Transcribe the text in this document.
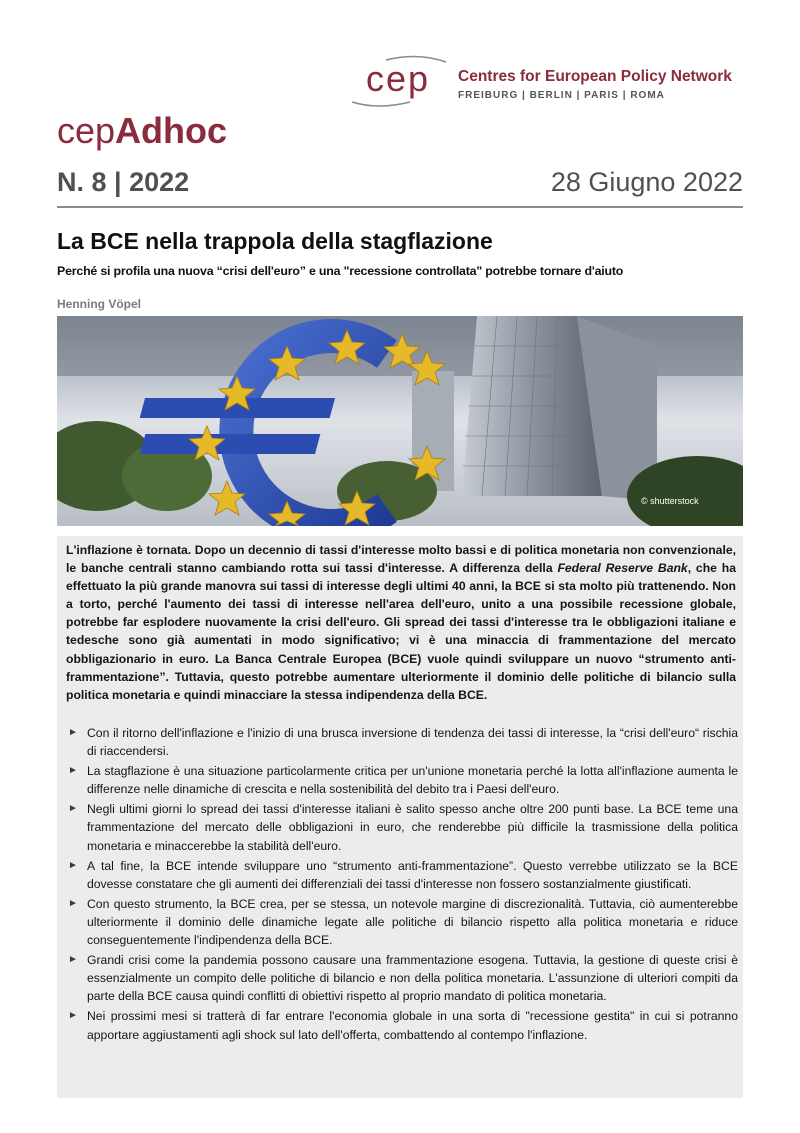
cep Centres for European Policy Network
FREIBURG | BERLIN | PARIS | ROMA
cepAdhoc
N. 8 | 2022	28 Giugno 2022
La BCE nella trappola della stagflazione
Perché si profila una nuova “crisi dell'euro” e una "recessione controllata" potrebbe tornare d'aiuto
Henning Vöpel
© shutterstock
L'inflazione è tornata. Dopo un decennio di tassi d'interesse molto bassi e di politica monetaria non convenzionale, le banche centrali stanno cambiando rotta sui tassi d'interesse. A differenza della Federal Reserve Bank, che ha effettuato la più grande manovra sui tassi di interesse degli ultimi 40 anni, la BCE si sta molto più trattenendo. Non a torto, perché l'aumento dei tassi di interesse nell'area dell'euro, unito a una possibile recessione globale, potrebbe far esplodere nuovamente la crisi dell'euro. Gli spread dei tassi d'interesse tra le obbligazioni italiane e tedesche sono già aumentati in modo significativo; vi è una minaccia di frammentazione del mercato obbligazionario in euro. La Banca Centrale Europea (BCE) vuole quindi sviluppare un nuovo “strumento anti-frammentazione”. Tuttavia, questo potrebbe aumentare ulteriormente il dominio delle politiche di bilancio sulla politica monetaria e quindi minacciare la stessa indipendenza della BCE.
► Con il ritorno dell'inflazione e l'inizio di una brusca inversione di tendenza dei tassi di interesse, la “crisi dell'euro“ rischia di riaccendersi.
► La stagflazione è una situazione particolarmente critica per un'unione monetaria perché la lotta all'inflazione aumenta le differenze nelle dinamiche di crescita e nella sostenibilità del debito tra i Paesi dell'euro.
► Negli ultimi giorni lo spread dei tassi d'interesse italiani è salito spesso anche oltre 200 punti base. La BCE teme una frammentazione del mercato delle obbligazioni in euro, che renderebbe più difficile la trasmissione della politica monetaria e minaccerebbe la stabilità dell'euro.
► A tal fine, la BCE intende sviluppare uno “strumento anti-frammentazione”. Questo verrebbe utilizzato se la BCE dovesse constatare che gli aumenti dei differenziali dei tassi d'interesse non fossero sostanzialmente giustificati.
► Con questo strumento, la BCE crea, per se stessa, un notevole margine di discrezionalità. Tuttavia, ciò aumenterebbe ulteriormente il dominio delle dinamiche legate alle politiche di bilancio rispetto alla politica monetaria e riduce conseguentemente l'indipendenza della BCE.
► Grandi crisi come la pandemia possono causare una frammentazione esogena. Tuttavia, la gestione di queste crisi è essenzialmente un compito delle politiche di bilancio e non della politica monetaria. L'assunzione di ulteriori compiti da parte della BCE causa quindi conflitti di obiettivi rispetto al proprio mandato di politica monetaria.
► Nei prossimi mesi si tratterà di far entrare l'economia globale in una sorta di "recessione gestita" in cui si potranno apportare aggiustamenti agli shock sul lato dell'offerta, combattendo al contempo l'inflazione.
